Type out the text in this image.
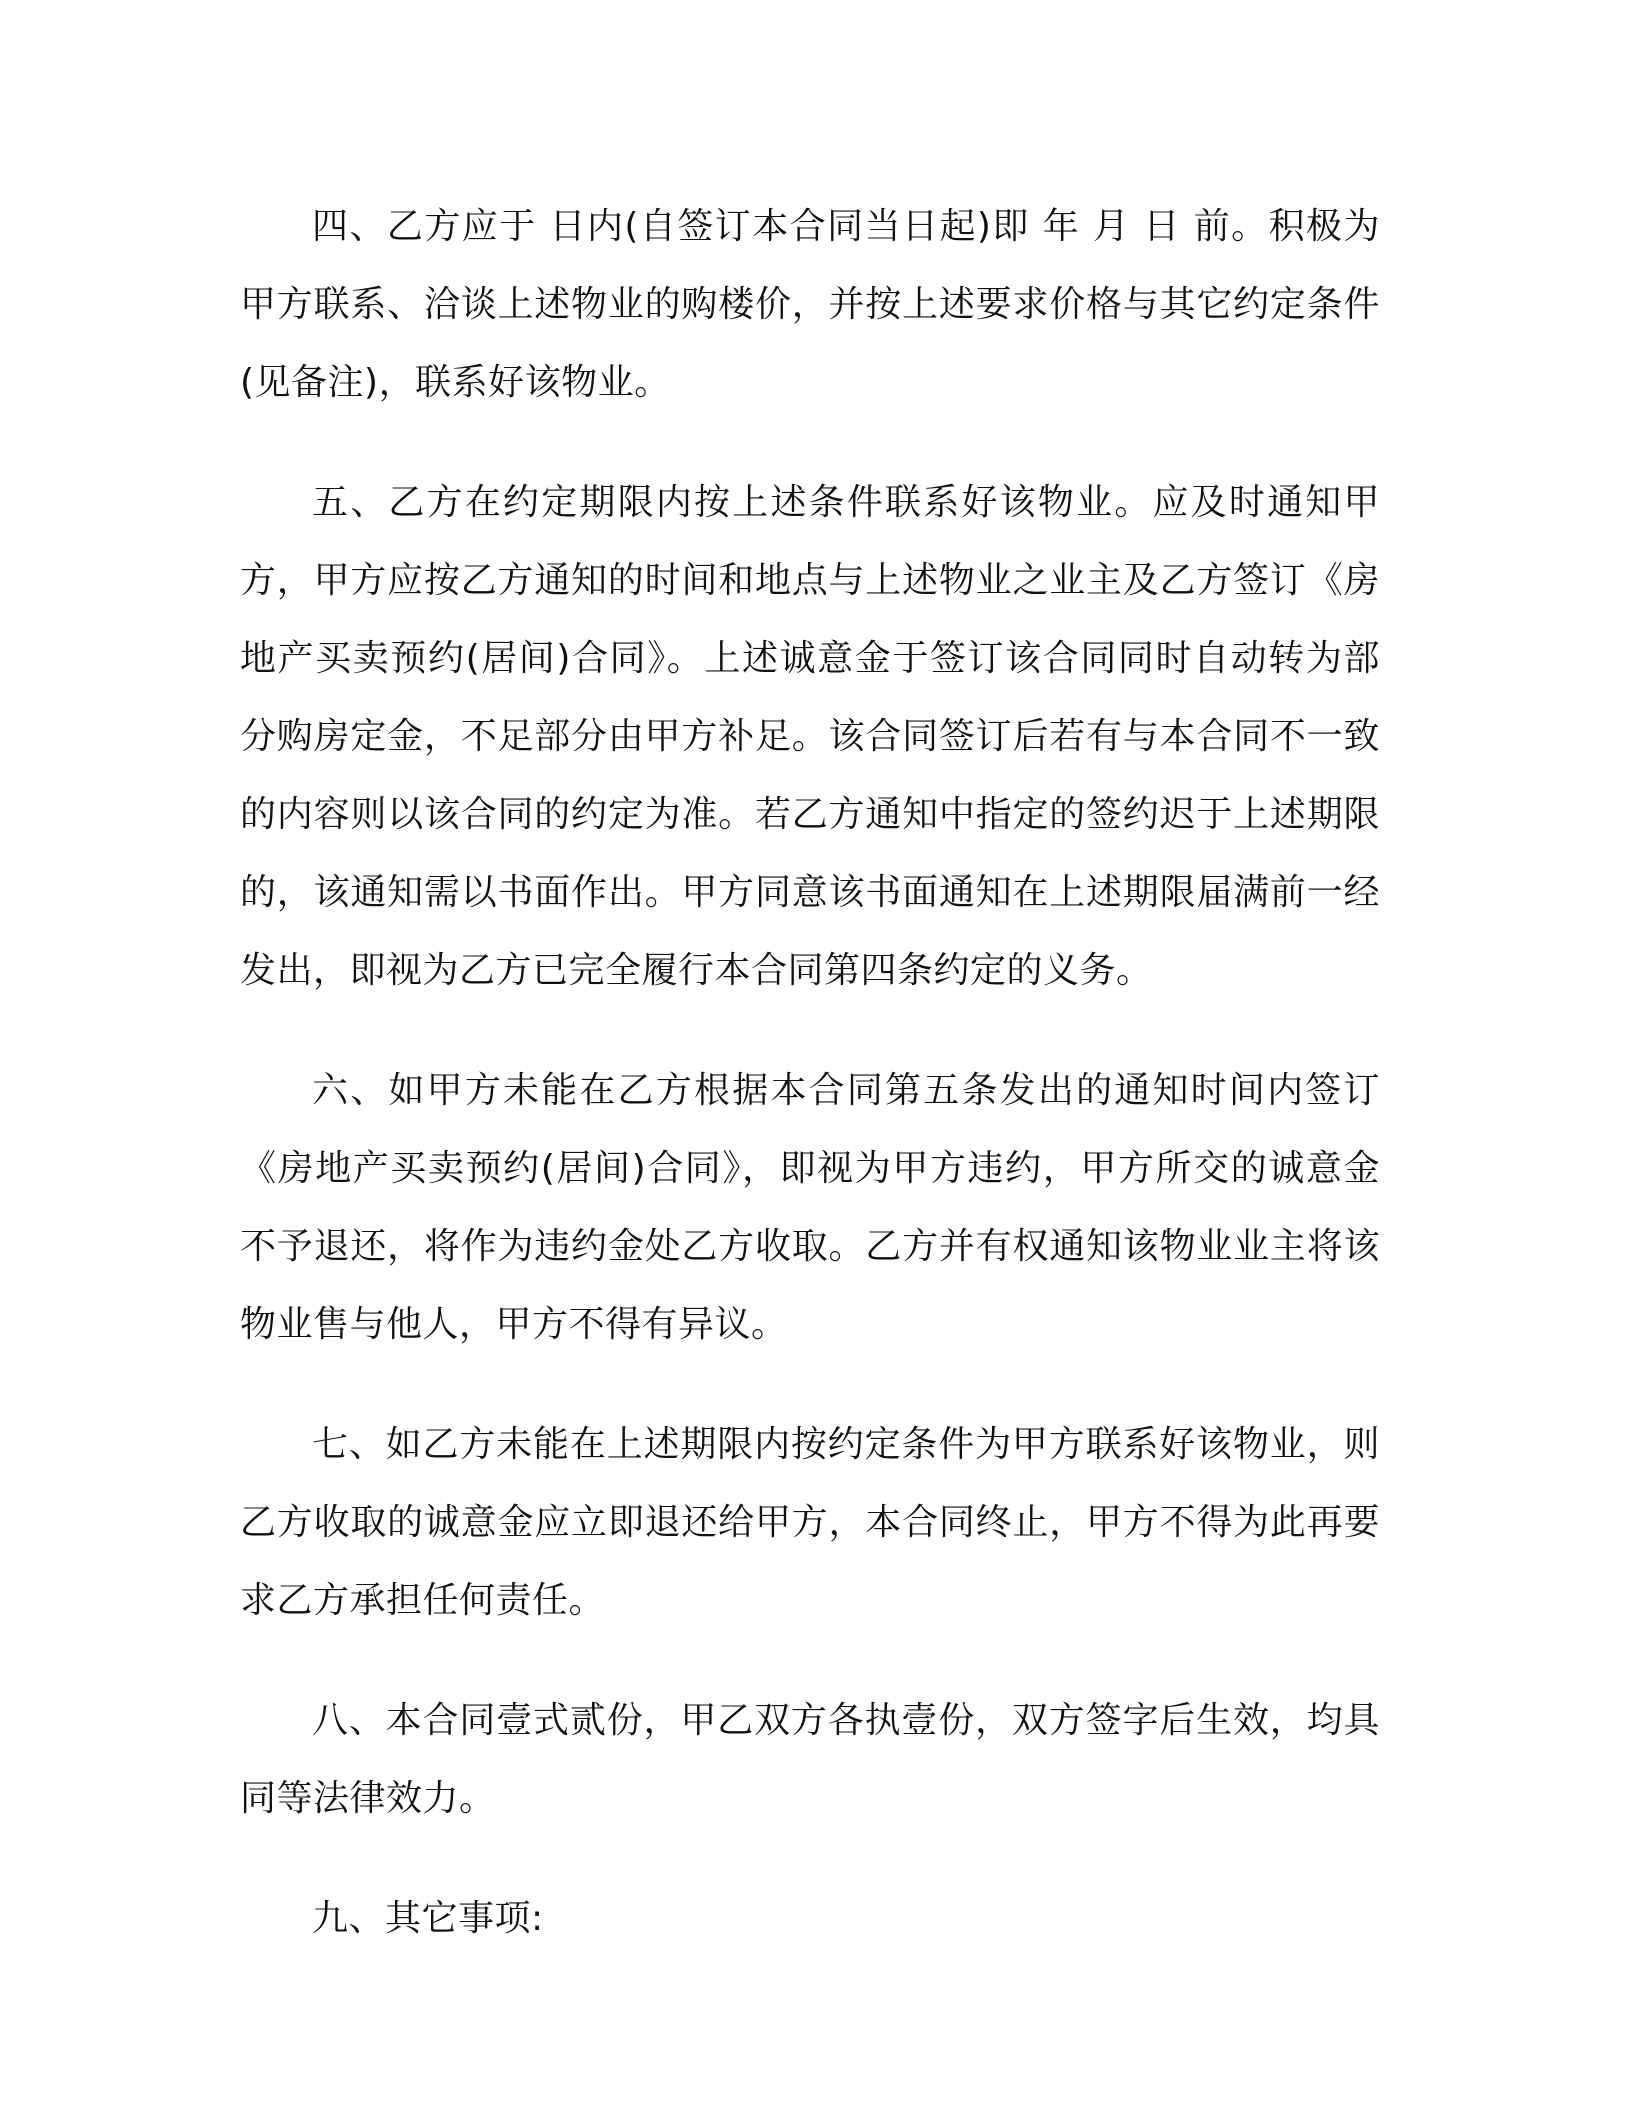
四、乙方应于 日内(自签订本合同当日起)即 年 月 日 前。积极为甲方联系、洽谈上述物业的购楼价，并按上述要求价格与其它约定条件(见备注)，联系好该物业。

五、乙方在约定期限内按上述条件联系好该物业。应及时通知甲方，甲方应按乙方通知的时间和地点与上述物业之业主及乙方签订《房地产买卖预约(居间)合同》。上述诚意金于签订该合同同时自动转为部分购房定金，不足部分由甲方补足。该合同签订后若有与本合同不一致的内容则以该合同的约定为准。若乙方通知中指定的签约迟于上述期限的，该通知需以书面作出。甲方同意该书面通知在上述期限届满前一经发出，即视为乙方已完全履行本合同第四条约定的义务。

六、如甲方未能在乙方根据本合同第五条发出的通知时间内签订《房地产买卖预约(居间)合同》，即视为甲方违约，甲方所交的诚意金不予退还，将作为违约金处乙方收取。乙方并有权通知该物业业主将该物业售与他人，甲方不得有异议。

七、如乙方未能在上述期限内按约定条件为甲方联系好该物业，则乙方收取的诚意金应立即退还给甲方，本合同终止，甲方不得为此再要求乙方承担任何责任。

八、本合同壹式贰份，甲乙双方各执壹份，双方签字后生效，均具同等法律效力。

九、其它事项:
